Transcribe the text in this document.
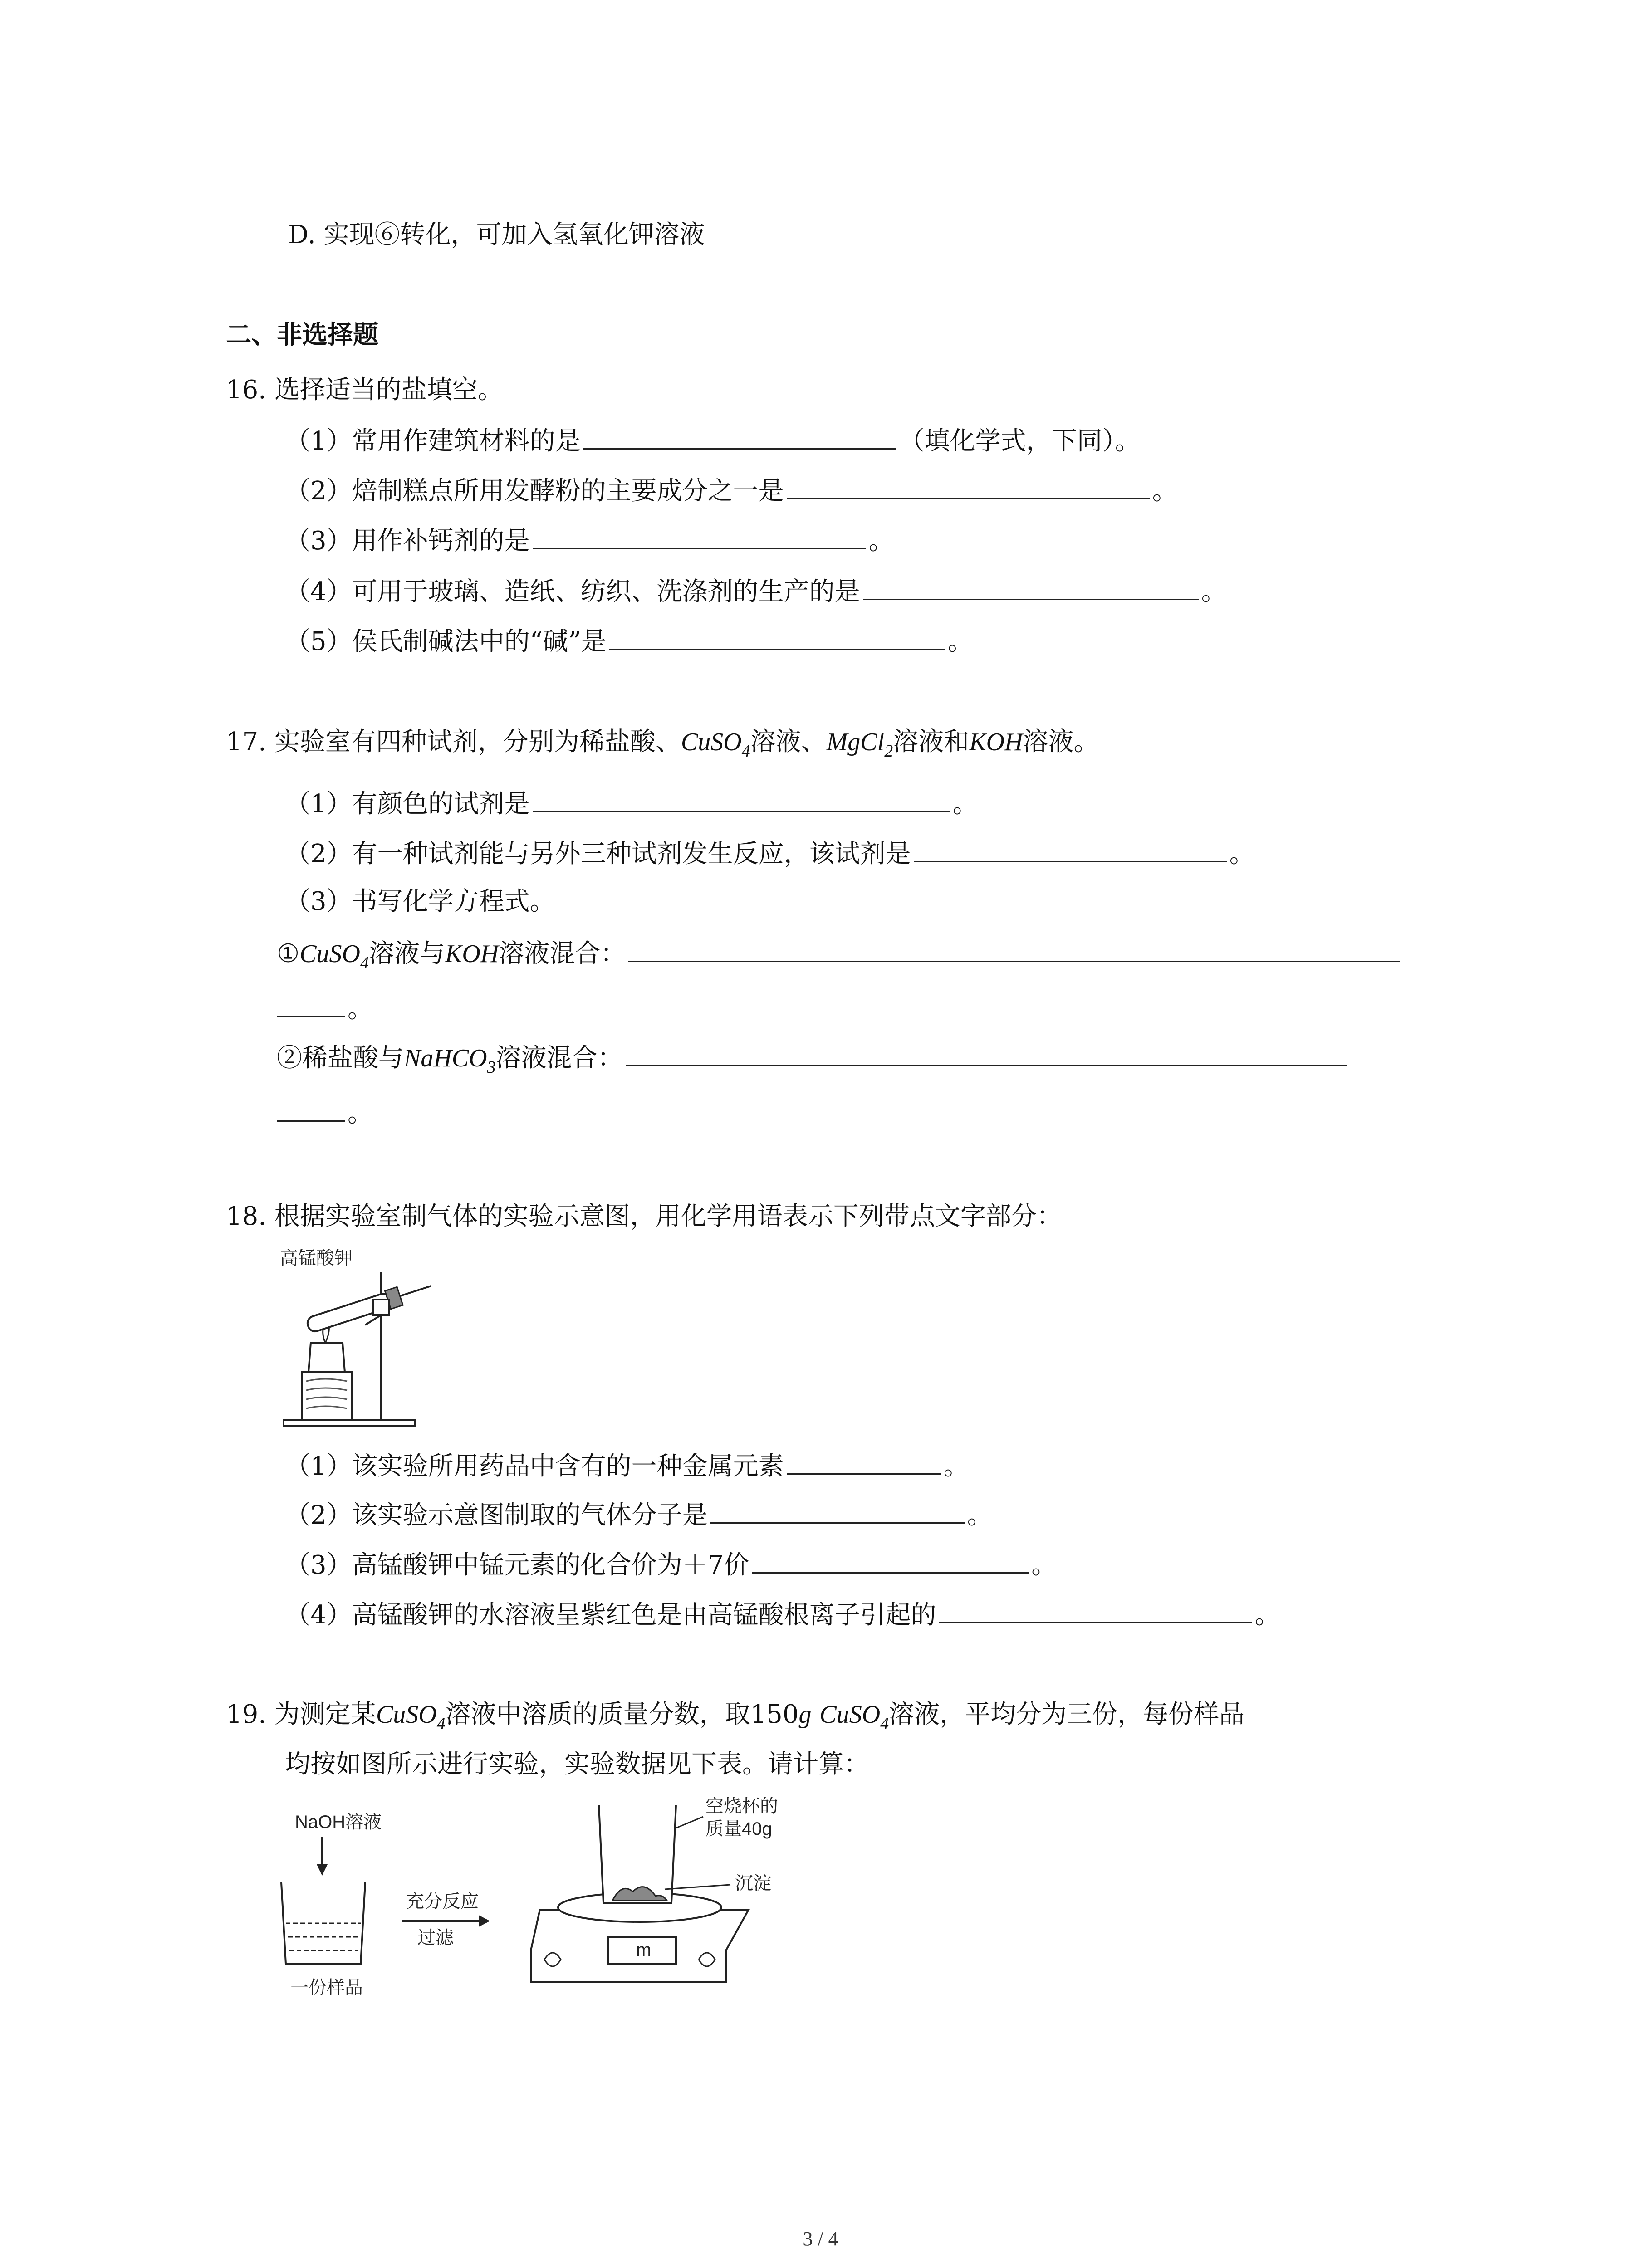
D. 实现⑥转化，可加入氢氧化钾溶液
二、非选择题
16. 选择适当的盐填空。
（1）常用作建筑材料的是	（填化学式，下同）。
（2）焙制糕点所用发酵粉的主要成分之一是	。
（3）用作补钙剂的是	。
（4）可用于玻璃、造纸、纺织、洗涤剂的生产的是	。
（5）侯氏制碱法中的“碱”是	。
17. 实验室有四种试剂，分别为稀盐酸、CuSO$_4$溶液、MgCl$_2$溶液和KOH溶液。
（1）有颜色的试剂是	。
（2）有一种试剂能与另外三种试剂发生反应，该试剂是	。
（3）书写化学方程式。
①CuSO$_4$溶液与KOH溶液混合：
。
②稀盐酸与NaHCO$_3$溶液混合：
。
18. 根据实验室制气体的实验示意图，用化学用语表示下列带点文字部分：
高锰酸钾
（1）该实验所用药品中含有的一种金属元素	。
（2）该实验示意图制取的气体分子是	。
（3）高锰酸钾中锰元素的化合价为＋7价	。
（4）高锰酸钾的水溶液呈紫红色是由高锰酸根离子引起的	。
19. 为测定某CuSO$_4$溶液中溶质的质量分数，取150g CuSO$_4$溶液，平均分为三份，每份样品
均按如图所示进行实验，实验数据见下表。请计算：
NaOH溶液
一份样品
充分反应
过滤
m
空烧杯的
质量40g
沉淀
3 / 4
